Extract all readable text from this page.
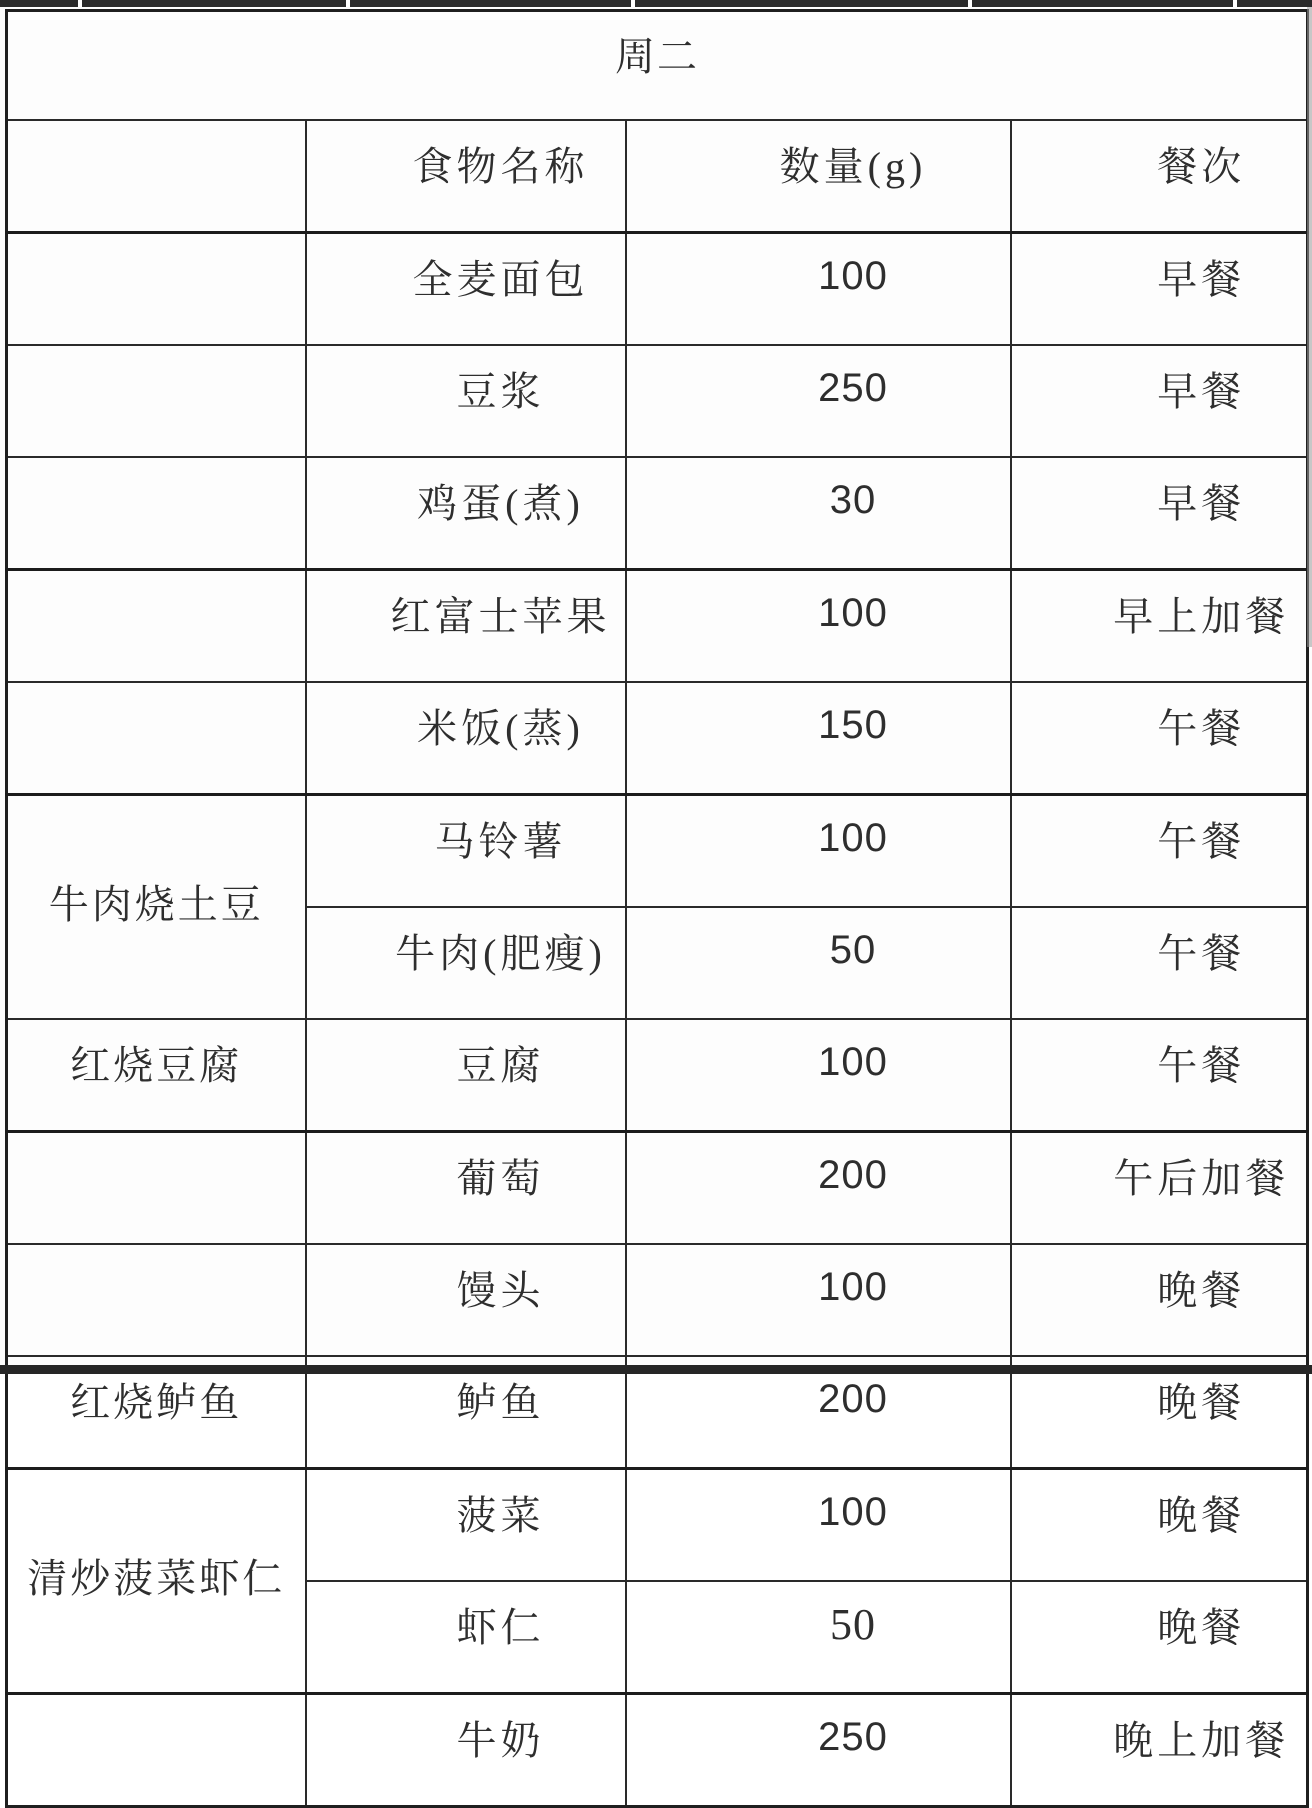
周二			
	食物名称	数量(g)	餐次
	全麦面包	100	早餐
	豆浆	250	早餐
	鸡蛋(煮)	30	早餐
	红富士苹果	100	早上加餐
	米饭(蒸)	150	午餐
牛肉烧土豆	马铃薯	100	午餐
	牛肉(肥瘦)	50	午餐
红烧豆腐	豆腐	100	午餐
	葡萄	200	午后加餐
	馒头	100	晚餐
红烧鲈鱼	鲈鱼	200	晚餐
清炒菠菜虾仁	菠菜	100	晚餐
	虾仁	50	晚餐
	牛奶	250	晚上加餐
